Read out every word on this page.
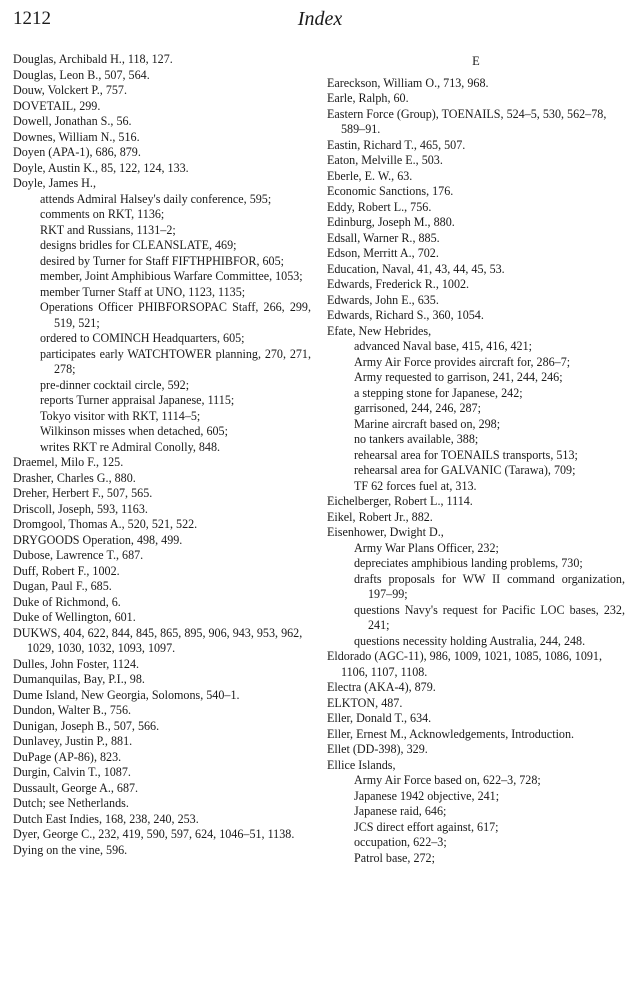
1212	Index
Douglas, Archibald H., 118, 127.
Douglas, Leon B., 507, 564.
Douw, Volckert P., 757.
DOVETAIL, 299.
Dowell, Jonathan S., 56.
Downes, William N., 516.
Doyen (APA-1), 686, 879.
Doyle, Austin K., 85, 122, 124, 133.
Doyle, James H.,
attends Admiral Halsey's daily conference, 595;
comments on RKT, 1136;
RKT and Russians, 1131–2;
designs bridles for CLEANSLATE, 469;
desired by Turner for Staff FIFTHPHIBFOR, 605;
member, Joint Amphibious Warfare Committee, 1053;
member Turner Staff at UNO, 1123, 1135;
Operations Officer PHIBFORSOPAC Staff, 266, 299, 519, 521;
ordered to COMINCH Headquarters, 605;
participates early WATCHTOWER planning, 270, 271, 278;
pre-dinner cocktail circle, 592;
reports Turner appraisal Japanese, 1115;
Tokyo visitor with RKT, 1114–5;
Wilkinson misses when detached, 605;
writes RKT re Admiral Conolly, 848.
Draemel, Milo F., 125.
Drasher, Charles G., 880.
Dreher, Herbert F., 507, 565.
Driscoll, Joseph, 593, 1163.
Dromgool, Thomas A., 520, 521, 522.
DRYGOODS Operation, 498, 499.
Dubose, Lawrence T., 687.
Duff, Robert F., 1002.
Dugan, Paul F., 685.
Duke of Richmond, 6.
Duke of Wellington, 601.
DUKWS, 404, 622, 844, 845, 865, 895, 906, 943, 953, 962, 1029, 1030, 1032, 1093, 1097.
Dulles, John Foster, 1124.
Dumanquilas, Bay, P.I., 98.
Dume Island, New Georgia, Solomons, 540–1.
Dundon, Walter B., 756.
Dunigan, Joseph B., 507, 566.
Dunlavey, Justin P., 881.
DuPage (AP-86), 823.
Durgin, Calvin T., 1087.
Dussault, George A., 687.
Dutch; see Netherlands.
Dutch East Indies, 168, 238, 240, 253.
Dyer, George C., 232, 419, 590, 597, 624, 1046–51, 1138.
Dying on the vine, 596.
E
Eareckson, William O., 713, 968.
Earle, Ralph, 60.
Eastern Force (Group), TOENAILS, 524–5, 530, 562–78, 589–91.
Eastin, Richard T., 465, 507.
Eaton, Melville E., 503.
Eberle, E. W., 63.
Economic Sanctions, 176.
Eddy, Robert L., 756.
Edinburg, Joseph M., 880.
Edsall, Warner R., 885.
Edson, Merritt A., 702.
Education, Naval, 41, 43, 44, 45, 53.
Edwards, Frederick R., 1002.
Edwards, John E., 635.
Edwards, Richard S., 360, 1054.
Efate, New Hebrides,
advanced Naval base, 415, 416, 421;
Army Air Force provides aircraft for, 286–7;
Army requested to garrison, 241, 244, 246;
a stepping stone for Japanese, 242;
garrisoned, 244, 246, 287;
Marine aircraft based on, 298;
no tankers available, 388;
rehearsal area for TOENAILS transports, 513;
rehearsal area for GALVANIC (Tarawa), 709;
TF 62 forces fuel at, 313.
Eichelberger, Robert L., 1114.
Eikel, Robert Jr., 882.
Eisenhower, Dwight D.,
Army War Plans Officer, 232;
depreciates amphibious landing problems, 730;
drafts proposals for WW II command organization, 197–99;
questions Navy's request for Pacific LOC bases, 232, 241;
questions necessity holding Australia, 244, 248.
Eldorado (AGC-11), 986, 1009, 1021, 1085, 1086, 1091, 1106, 1107, 1108.
Electra (AKA-4), 879.
ELKTON, 487.
Eller, Donald T., 634.
Eller, Ernest M., Acknowledgements, Introduction.
Ellet (DD-398), 329.
Ellice Islands,
Army Air Force based on, 622–3, 728;
Japanese 1942 objective, 241;
Japanese raid, 646;
JCS direct effort against, 617;
occupation, 622–3;
Patrol base, 272;
